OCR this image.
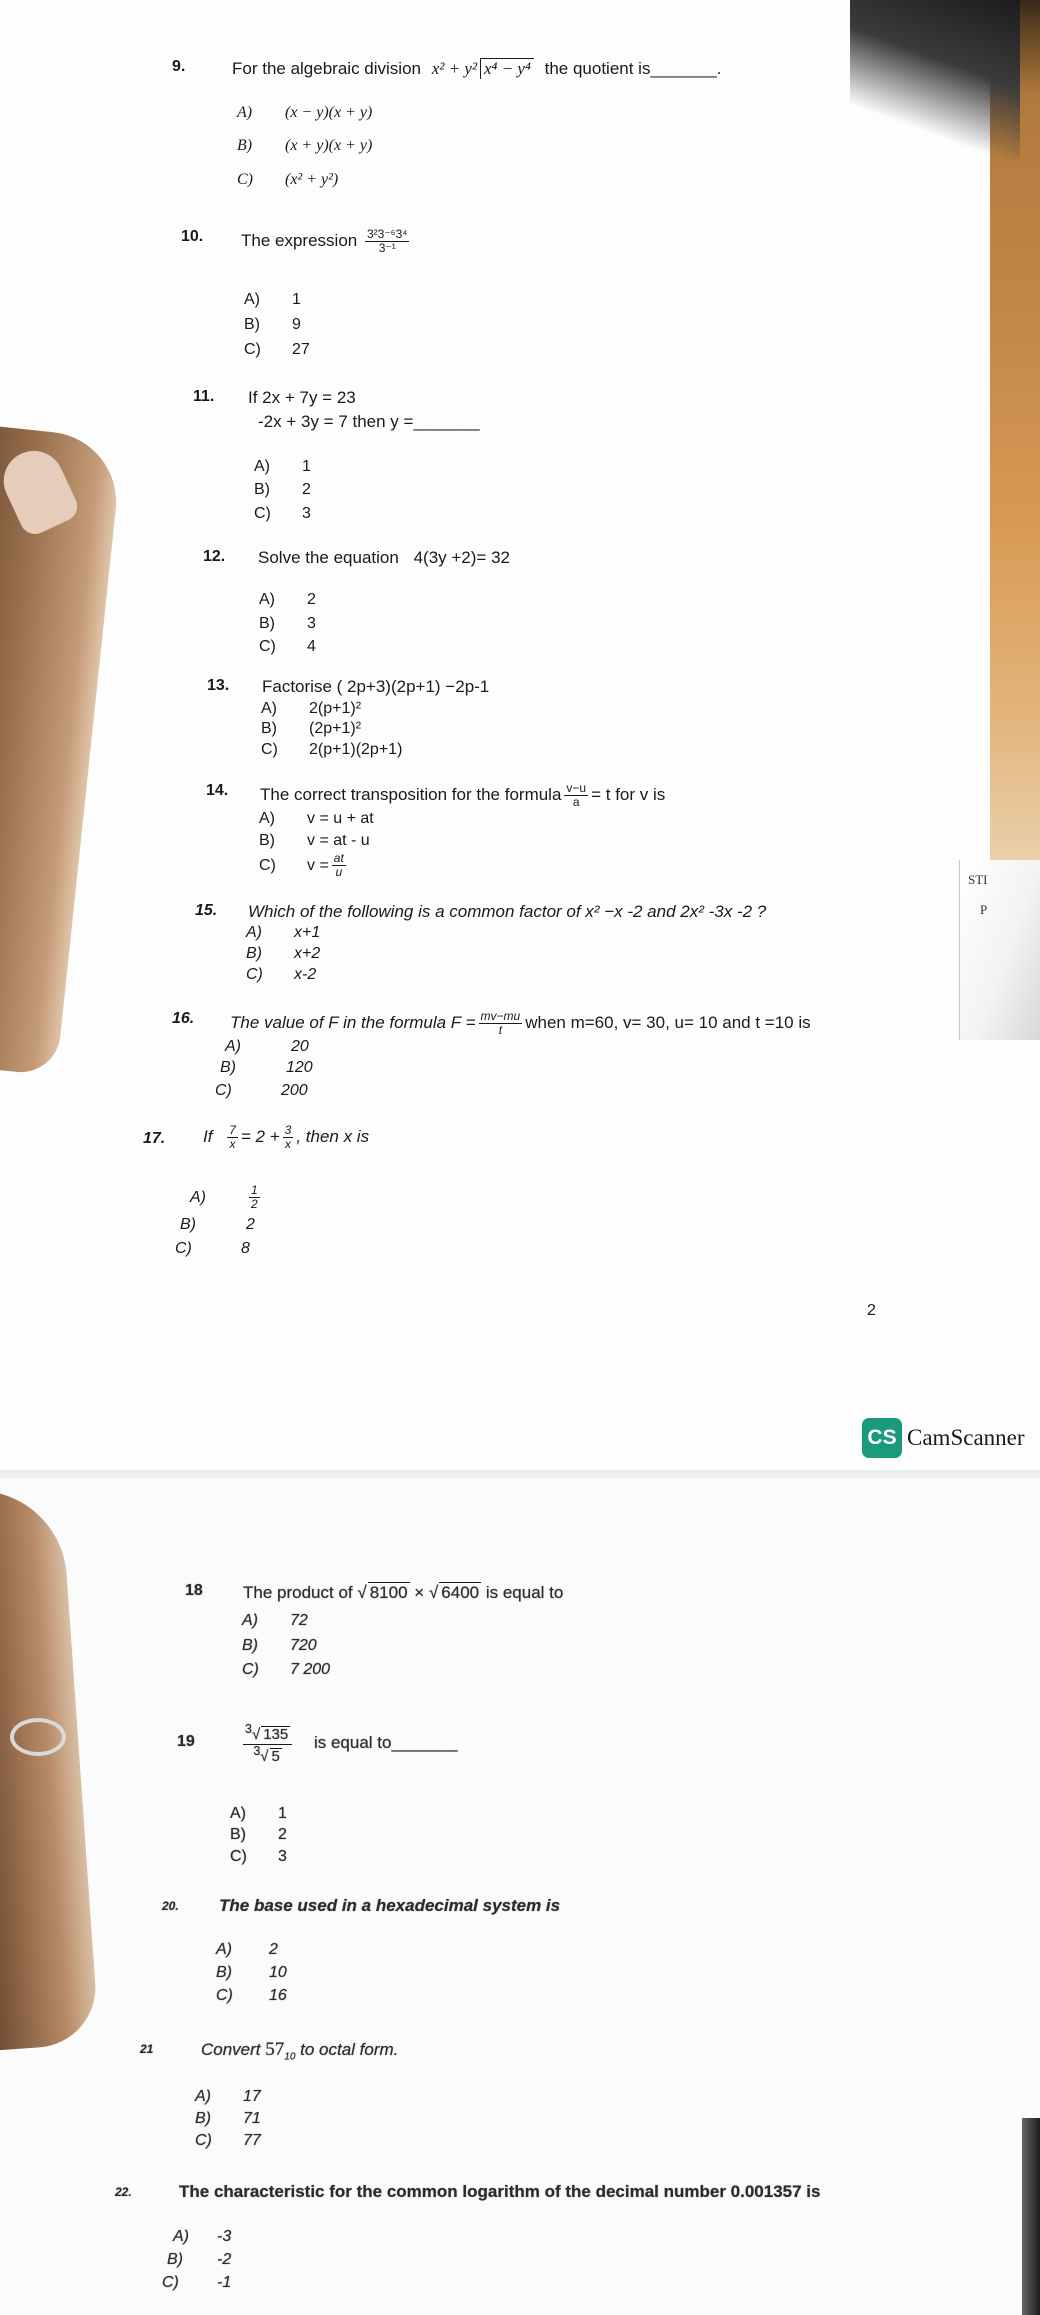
STI
P
9.	For the algebraic division x² + y² x⁴ − y⁴ the quotient is_______.
A) (x − y)(x + y)
B) (x + y)(x + y)
C) (x² + y²)
10. The expression $\frac{\text{3²3⁻⁶3⁴}}{\text{3⁻¹}}$
A) 1
B) 9
C) 27
11. If 2x + 7y = 23
-2x + 3y = 7 then y =_______
A) 1
B) 2
C) 3
12. Solve the equation 4(3y +2)= 32
A) 2
B) 3
C) 4
13. Factorise ( 2p+3)(2p+1) −2p-1
A) 2(p+1)²
B) (2p+1)²
C) 2(p+1)(2p+1)
14. The correct transposition for the formula $\frac{v-u}{a} = t$ for v is
A) v = u + at
B) v = at - u
C) $v = \frac{at}{u}$
15. Which of the following is a common factor of x² −x -2 and 2x² -3x -2 ?
A) x+1
B) x+2
C) x-2
16. The value of F in the formula $F = \frac{mv-mu}{t}$ when m=60, v= 30, u= 10 and t =10 is
A)	20
B)	120
C)	200
17. If $\frac{7}{x} = 2 + \frac{3}{x}$ , then x is
A)	$\frac{1}{2}$
B)	2
C)	8
2
CS CamScanner
18 The product of √ 8100 × √ 6400 is equal to
A) 72
B) 720
C) 7 200
19	$\frac{^3√ 135}{^3√ 5}$ is equal to_______
A) 1
B) 2
C) 3
20. The base used in a hexadecimal system is
A) 2
B) 10
C) 16
21	Convert $57_{10}$ to octal form.
A) 17
B) 71
C) 77
22.	The characteristic for the common logarithm of the decimal number 0.001357 is
A) -3
B) -2
C) -1
